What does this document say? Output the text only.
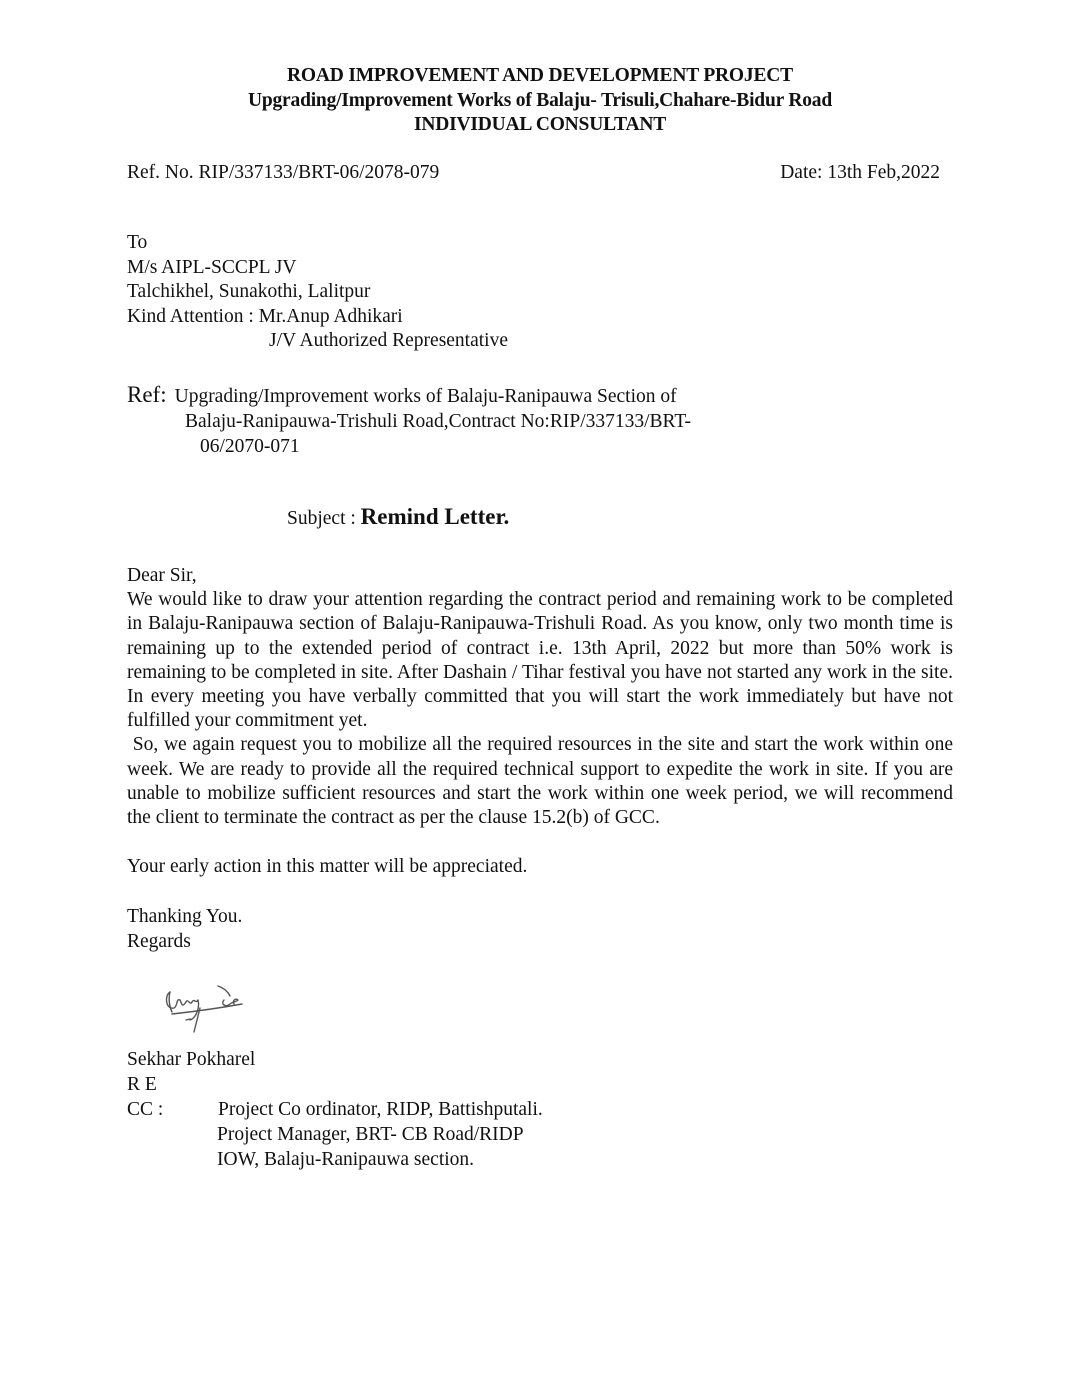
ROAD IMPROVEMENT AND DEVELOPMENT PROJECT
Upgrading/Improvement Works of Balaju- Trisuli,Chahare-Bidur Road
INDIVIDUAL CONSULTANT
Ref. No. RIP/337133/BRT-06/2078-079	Date: 13th Feb,2022
To
M/s AIPL-SCCPL JV
Talchikhel, Sunakothi, Lalitpur
Kind Attention : Mr.Anup Adhikari
J/V Authorized Representative
Ref: Upgrading/Improvement works of Balaju-Ranipauwa Section of
Balaju-Ranipauwa-Trishuli Road,Contract No:RIP/337133/BRT-
06/2070-071
Subject : Remind Letter.

Dear Sir,

We would like to draw your attention regarding the contract period and remaining work to be completed in Balaju-Ranipauwa section of Balaju-Ranipauwa-Trishuli Road. As you know, only two month time is remaining up to the extended period of contract i.e. 13th April, 2022 but more than 50% work is remaining to be completed in site. After Dashain / Tihar festival you have not started any work in the site. In every meeting you have verbally committed that you will start the work immediately but have not fulfilled your commitment yet.

So, we again request you to mobilize all the required resources in the site and start the work within one week. We are ready to provide all the required technical support to expedite the work in site. If you are unable to mobilize sufficient resources and start the work within one week period, we will recommend the client to terminate the contract as per the clause 15.2(b) of GCC.

Your early action in this matter will be appreciated.
Thanking You.
Regards
Sekhar Pokharel
R E
CC :	Project Co ordinator, RIDP, Battishputali.
Project Manager, BRT- CB Road/RIDP
IOW, Balaju-Ranipauwa section.
